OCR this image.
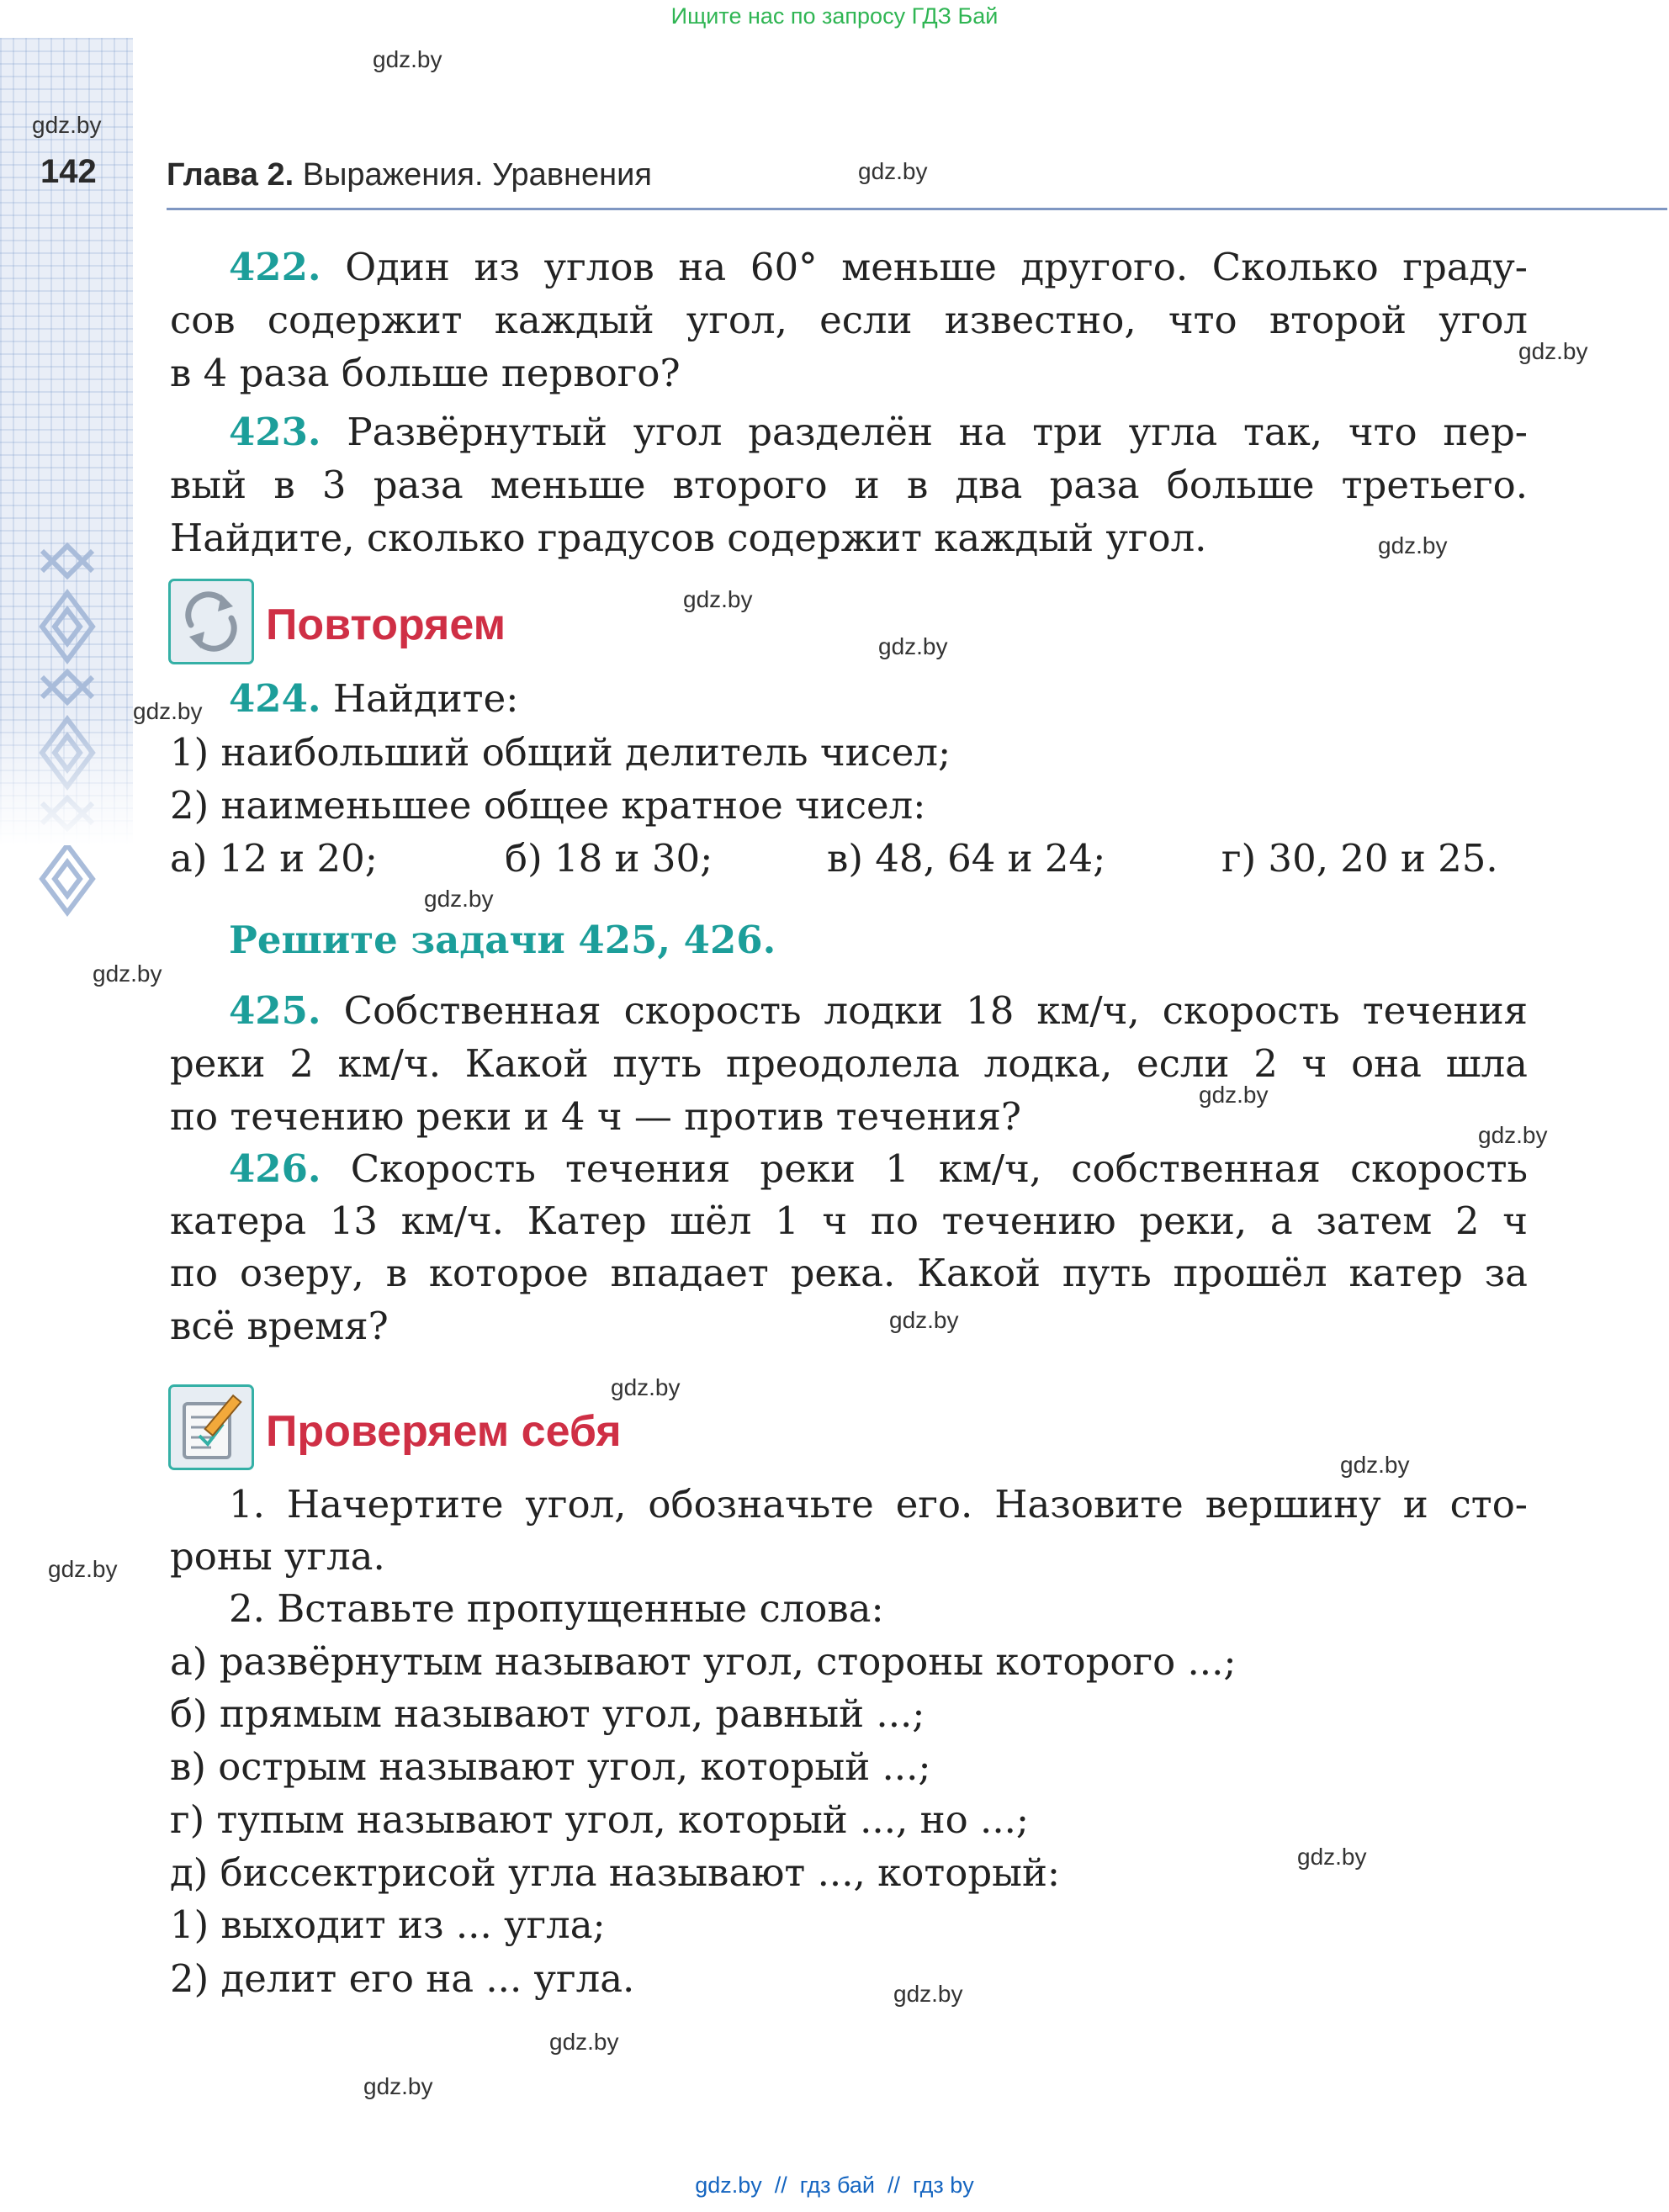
Ищите нас по запросу ГДЗ Бай
gdz.by
gdz.by
gdz.by
gdz.by
gdz.by
gdz.by
gdz.by
gdz.by
gdz.by
gdz.by
gdz.by
gdz.by
gdz.by
gdz.by
gdz.by
gdz.by
gdz.by
gdz.by
gdz.by
gdz.by
142 Глава 2. Выражения. Уравнения
422. Один из углов на 60° меньше другого. Сколько граду-
сов содержит каждый угол, если известно, что второй угол
в 4 раза больше первого?
423. Развёрнутый угол разделён на три угла так, что пер-
вый в 3 раза меньше второго и в два раза больше третьего.
Найдите, сколько градусов содержит каждый угол.
Повторяем
424. Найдите:
1) наибольший общий делитель чисел;
2) наименьшее общее кратное чисел:
а) 12 и 20;	б) 18 и 30;	в) 48, 64 и 24;	г) 30, 20 и 25.
Решите задачи 425, 426.
425. Собственная скорость лодки 18 км/ч, скорость течения
реки 2 км/ч. Какой путь преодолела лодка, если 2 ч она шла
по течению реки и 4 ч — против течения?
426. Скорость течения реки 1 км/ч, собственная скорость
катера 13 км/ч. Катер шёл 1 ч по течению реки, а затем 2 ч
по озеру, в которое впадает река. Какой путь прошёл катер за
всё время?
Проверяем себя
1. Начертите угол, обозначьте его. Назовите вершину и сто-
роны угла.
2. Вставьте пропущенные слова:
а) развёрнутым называют угол, стороны которого ...;
б) прямым называют угол, равный ...;
в) острым называют угол, который ...;
г) тупым называют угол, который ..., но ...;
д) биссектрисой угла называют ..., который:
1) выходит из ... угла;
2) делит его на ... угла.
gdz.by  //  гдз бай  //  гдз by
